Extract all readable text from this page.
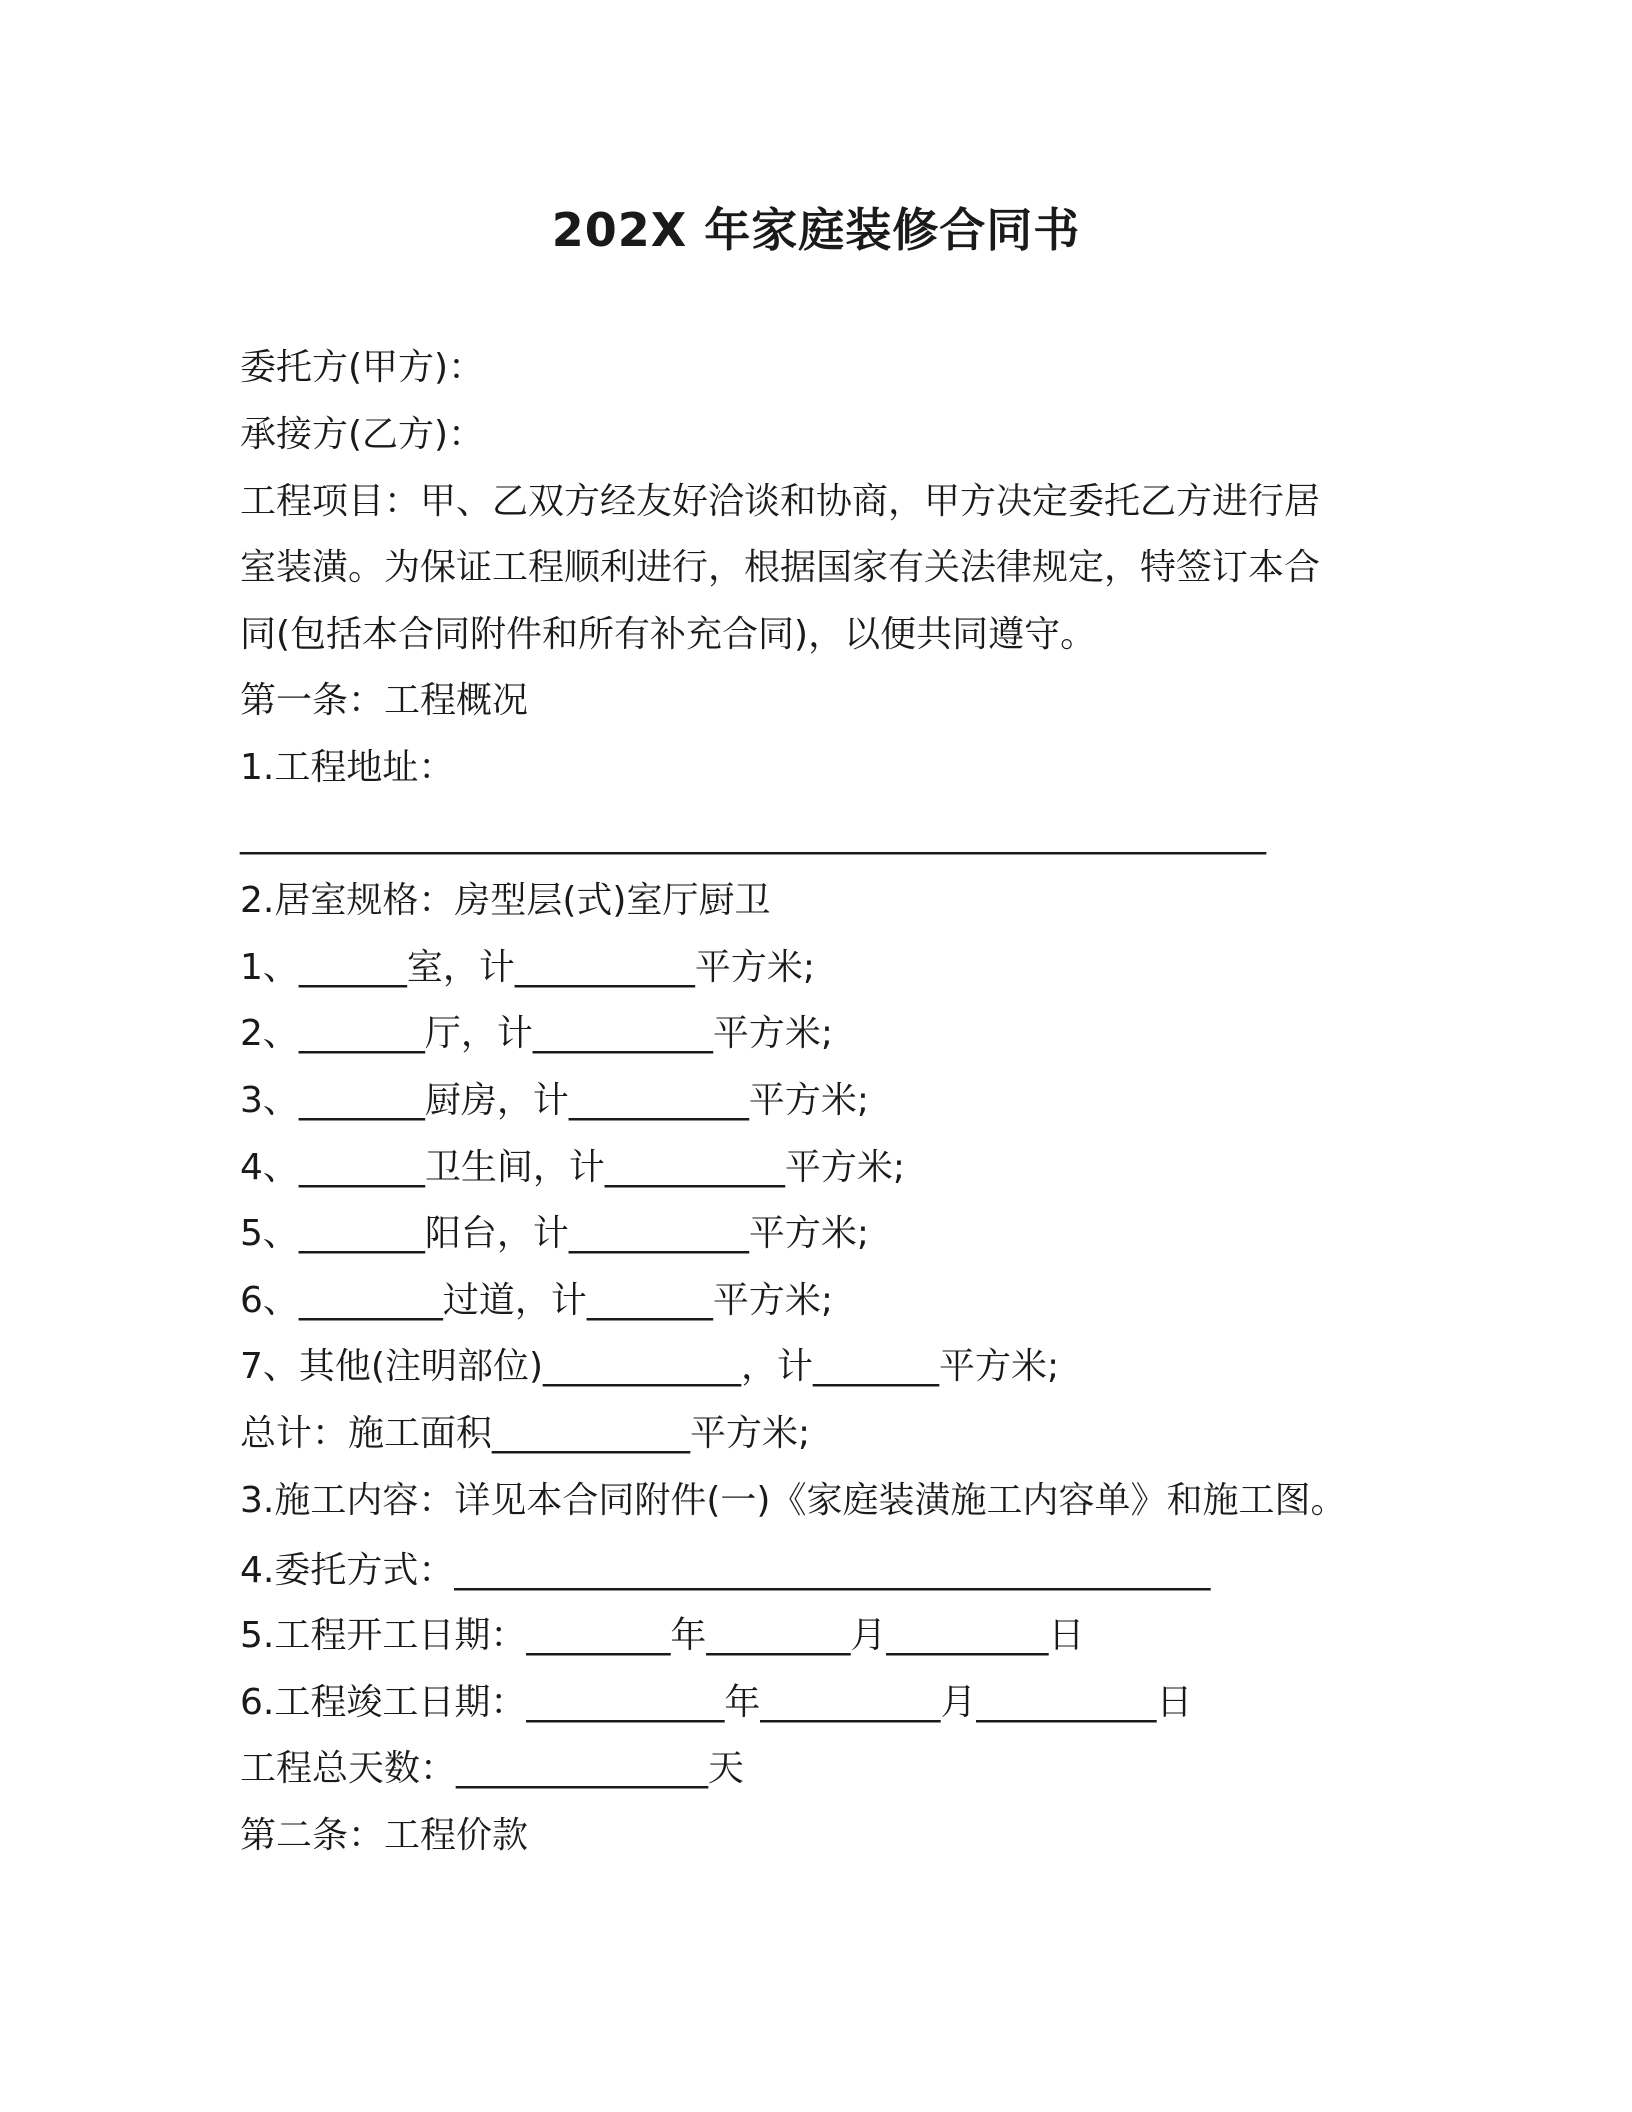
202X 年家庭装修合同书
委托方(甲方)：
承接方(乙方)：
工程项目：甲、乙双方经友好洽谈和协商，甲方决定委托乙方进行居
室装潢。为保证工程顺利进行，根据国家有关法律规定，特签订本合
同(包括本合同附件和所有补充合同)，以便共同遵守。
第一条：工程概况
1.工程地址：
_________________________________________________________
2.居室规格：房型层(式)室厅厨卫
1、______室，计__________平方米;
2、_______厅，计__________平方米;
3、_______厨房，计__________平方米;
4、_______卫生间，计__________平方米;
5、_______阳台，计__________平方米;
6、________过道，计_______平方米;
7、其他(注明部位)___________，计_______平方米;
总计：施工面积___________平方米;
3.施工内容：详见本合同附件(一)《家庭装潢施工内容单》和施工图。
4.委托方式：__________________________________________
5.工程开工日期：________年________月_________日
6.工程竣工日期：___________年__________月__________日
工程总天数：______________天
第二条：工程价款
